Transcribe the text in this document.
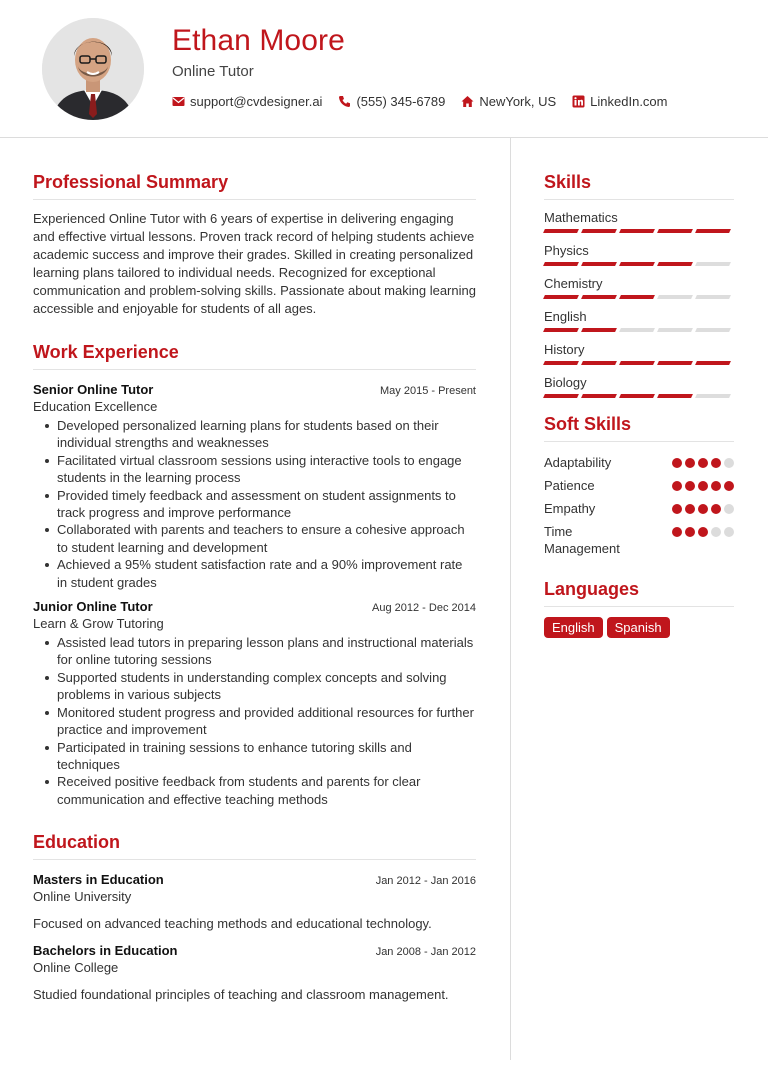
Ethan Moore
Online Tutor
support@cvdesigner.ai	(555) 345-6789	NewYork, US	LinkedIn.com
Professional Summary

Experienced Online Tutor with 6 years of expertise in delivering engaging and effective virtual lessons. Proven track record of helping students achieve academic success and improve their grades. Skilled in creating personalized learning plans tailored to individual needs. Recognized for exceptional communication and problem-solving skills. Passionate about making learning accessible and enjoyable for students of all ages.

Work Experience
Senior Online Tutor	May 2015 - Present
Education Excellence
Developed personalized learning plans for students based on their individual strengths and weaknesses
Facilitated virtual classroom sessions using interactive tools to engage students in the learning process
Provided timely feedback and assessment on student assignments to track progress and improve performance
Collaborated with parents and teachers to ensure a cohesive approach to student learning and development
Achieved a 95% student satisfaction rate and a 90% improvement rate in student grades
Junior Online Tutor	Aug 2012 - Dec 2014
Learn & Grow Tutoring
Assisted lead tutors in preparing lesson plans and instructional materials for online tutoring sessions
Supported students in understanding complex concepts and solving problems in various subjects
Monitored student progress and provided additional resources for further practice and improvement
Participated in training sessions to enhance tutoring skills and techniques
Received positive feedback from students and parents for clear communication and effective teaching methods
Education
Masters in Education	Jan 2012 - Jan 2016
Online University
Focused on advanced teaching methods and educational technology.
Bachelors in Education	Jan 2008 - Jan 2012
Online College
Studied foundational principles of teaching and classroom management.
Skills
Mathematics
Physics
Chemistry
English
History
Biology
Soft Skills
Adaptability
Patience
Empathy
Time Management
Languages
English	Spanish
